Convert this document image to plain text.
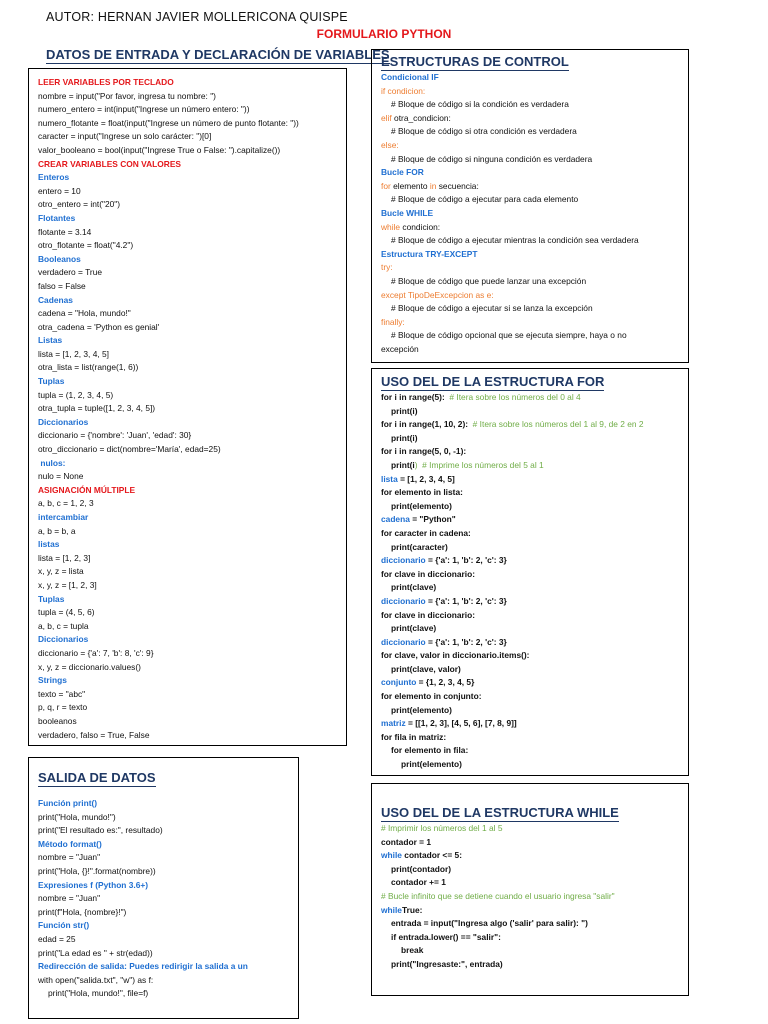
AUTOR: HERNAN JAVIER MOLLERICONA QUISPE
FORMULARIO PYTHON
DATOS DE ENTRADA Y DECLARACIÓN DE VARIABLES
LEER VARIABLES POR TECLADO
nombre = input("Por favor, ingresa tu nombre: ")
numero_entero = int(input("Ingrese un número entero: "))
numero_flotante = float(input("Ingrese un número de punto flotante: "))
caracter = input("Ingrese un solo carácter: ")[0]
valor_booleano = bool(input("Ingrese True o False: ").capitalize())
CREAR VARIABLES CON VALORES
Enteros
entero = 10
otro_entero = int("20")
Flotantes
flotante = 3.14
otro_flotante = float("4.2")
Booleanos
verdadero = True
falso = False
Cadenas
cadena = "Hola, mundo!"
otra_cadena = 'Python es genial'
Listas
lista = [1, 2, 3, 4, 5]
otra_lista = list(range(1, 6))
Tuplas
tupla = (1, 2, 3, 4, 5)
otra_tupla = tuple([1, 2, 3, 4, 5])
Diccionarios
diccionario = {'nombre': 'Juan', 'edad': 30}
otro_diccionario = dict(nombre='María', edad=25)
nulos:
nulo = None
ASIGNACIÓN MÚLTIPLE
a, b, c = 1, 2, 3
intercambiar
a, b = b, a
listas
lista = [1, 2, 3]
x, y, z = lista
x, y, z = [1, 2, 3]
Tuplas
tupla = (4, 5, 6)
a, b, c = tupla
Diccionarios
diccionario = {'a': 7, 'b': 8, 'c': 9}
x, y, z = diccionario.values()
Strings
texto = "abc"
p, q, r = texto
booleanos
verdadero, falso = True, False
SALIDA DE DATOS
Función print()
print("Hola, mundo!")
print("El resultado es:", resultado)
Método format()
nombre = "Juan"
print("Hola, {}!".format(nombre))
Expresiones f (Python 3.6+)
nombre = "Juan"
print(f"Hola, {nombre}!")
Función str()
edad = 25
print("La edad es " + str(edad))
Redirección de salida: Puedes redirigir la salida a un
with open("salida.txt", "w") as f:
print("Hola, mundo!", file=f)
ESTRUCTURAS DE CONTROL
Condicional IF
if condicion:
# Bloque de código si la condición es verdadera
elif otra_condicion:
# Bloque de código si otra condición es verdadera
else:
# Bloque de código si ninguna condición es verdadera
Bucle FOR
for elemento in secuencia:
# Bloque de código a ejecutar para cada elemento
Bucle WHILE
while condicion:
# Bloque de código a ejecutar mientras la condición sea verdadera
Estructura TRY-EXCEPT
try:
# Bloque de código que puede lanzar una excepción
except TipoDeExcepcion as e:
# Bloque de código a ejecutar si se lanza la excepción
finally:
# Bloque de código opcional que se ejecuta siempre, haya o no
excepción
USO DEL DE LA ESTRUCTURA FOR
for i in range(5):  # Itera sobre los números del 0 al 4
print(i)
for i in range(1, 10, 2):  # Itera sobre los números del 1 al 9, de 2 en 2
print(i)
for i in range(5, 0, -1):
print(i)  # Imprime los números del 5 al 1
lista = [1, 2, 3, 4, 5]
for elemento in lista:
print(elemento)
cadena = "Python"
for caracter in cadena:
print(caracter)
diccionario = {'a': 1, 'b': 2, 'c': 3}
for clave in diccionario:
print(clave)
diccionario = {'a': 1, 'b': 2, 'c': 3}
for clave in diccionario:
print(clave)
diccionario = {'a': 1, 'b': 2, 'c': 3}
for clave, valor in diccionario.items():
print(clave, valor)
conjunto = {1, 2, 3, 4, 5}
for elemento in conjunto:
print(elemento)
matriz = [[1, 2, 3], [4, 5, 6], [7, 8, 9]]
for fila in matriz:
for elemento in fila:
print(elemento)
USO DEL DE LA ESTRUCTURA WHILE
# Imprimir los números del 1 al 5
contador = 1
while contador <= 5:
print(contador)
contador += 1
# Bucle infinito que se detiene cuando el usuario ingresa "salir"
whileTrue:
entrada = input("Ingresa algo ('salir' para salir): ")
if entrada.lower() == "salir":
break
print("Ingresaste:", entrada)
